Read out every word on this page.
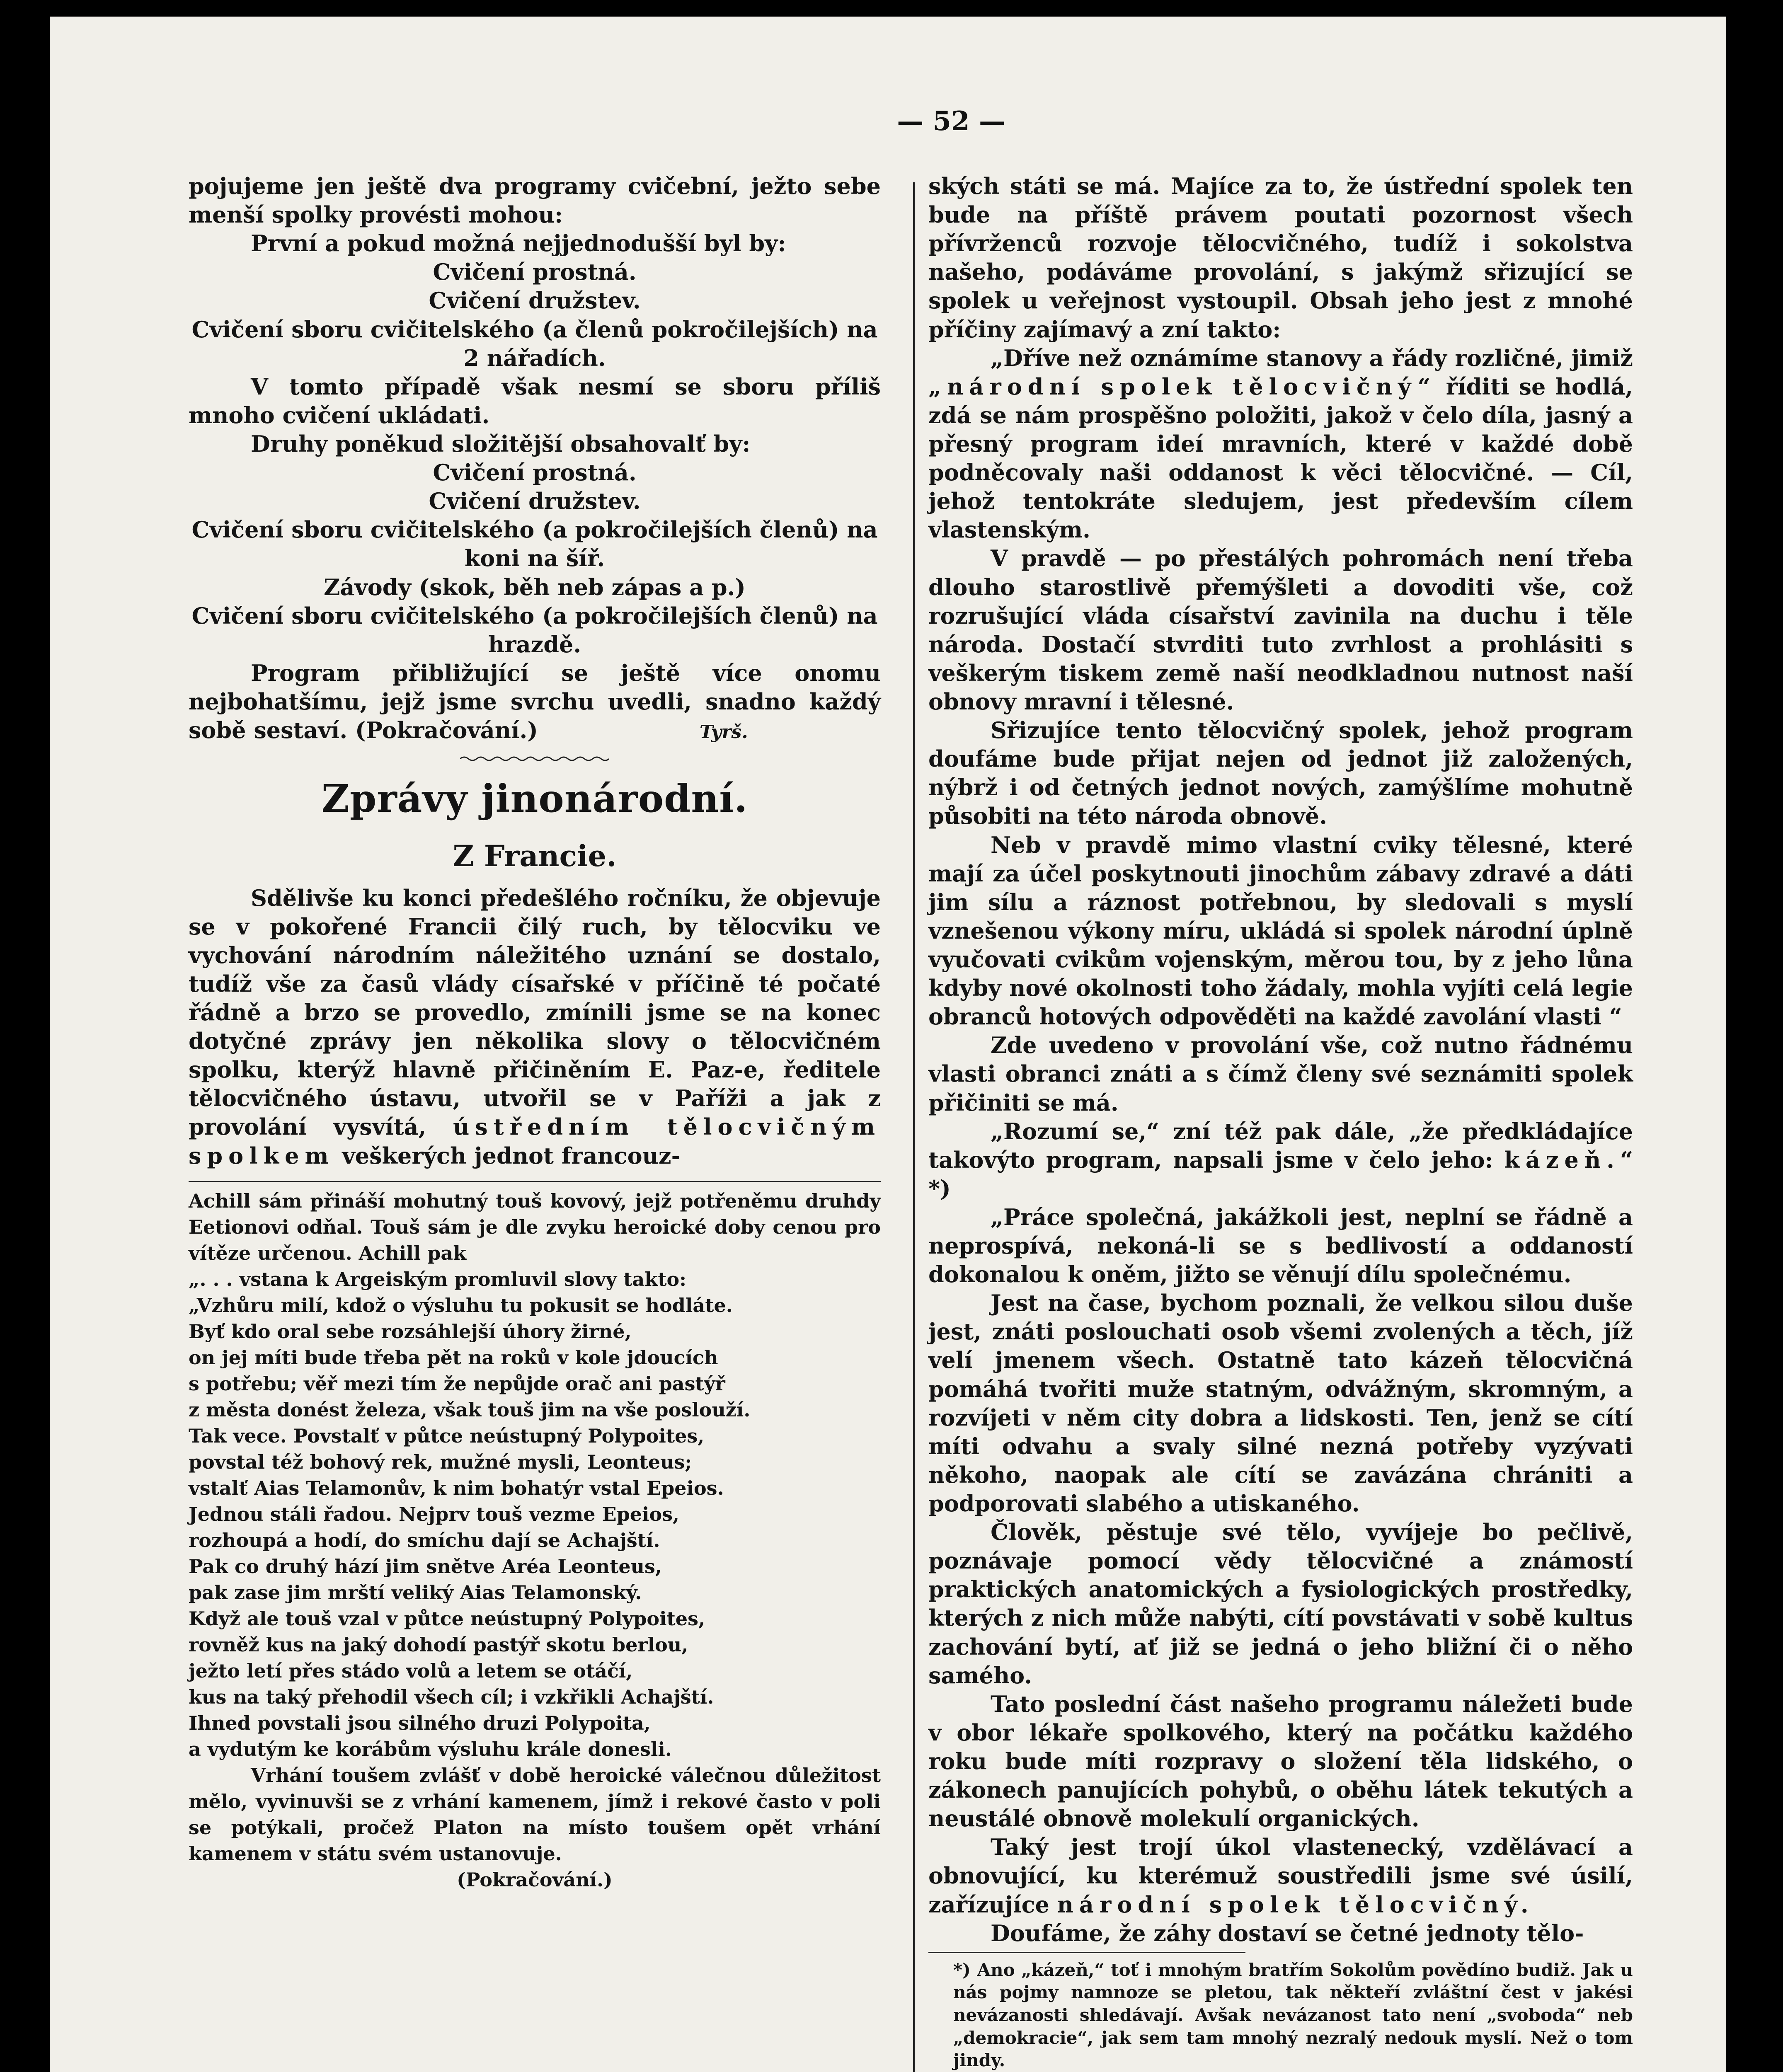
— 52 —

pojujeme jen ještě dva programy cvičební, ježto sebe menší spolky provésti mohou:

První a pokud možná nejjednodušší byl by:

Cvičení prostná.

Cvičení družstev.

Cvičení sboru cvičitelského (a členů pokročilejších) na 2 nářadích.

V tomto případě však nesmí se sboru příliš mnoho cvičení ukládati.

Druhy poněkud složitější obsahovalť by:

Cvičení prostná.

Cvičení družstev.

Cvičení sboru cvičitelského (a pokročilejších členů) na koni na šíř.

Závody (skok, běh neb zápas a p.)

Cvičení sboru cvičitelského (a pokročilejších členů) na hrazdě.

Program přibližující se ještě více onomu nejbohatšímu, jejž jsme svrchu uvedli, snadno každý sobě sestaví. (Pokračování.)	Tyrš.

Zprávy jinonárodní.
Z Francie.

Sdělivše ku konci předešlého ročníku, že objevuje se v pokořené Francii čilý ruch, by tělocviku ve vychování národním náležitého uznání se dostalo, tudíž vše za časů vlády císařské v příčině té počaté řádně a brzo se provedlo, zmínili jsme se na konec dotyčné zprávy jen několika slovy o tělocvičném spolku, kterýž hlavně přičiněním E. Paz-e, ředitele tělocvičného ústavu, utvořil se v Paříži a jak z provolání vysvítá, ústředním tělocvičným spolkem veškerých jednot francouz-

Achill sám přináší mohutný touš kovový, jejž potřeněmu druhdy Eetionovi odňal. Touš sám je dle zvyku heroické doby cenou pro vítěze určenou. Achill pak

„. . . vstana k Argeiským promluvil slovy takto:
„Vzhůru milí, kdož o výsluhu tu pokusit se hodláte.
Byť kdo oral sebe rozsáhlejší úhory žirné,
on jej míti bude třeba pět na roků v kole jdoucích
s potřebu; věř mezi tím že nepůjde orač ani pastýř
z města donést železa, však touš jim na vše poslouží.
Tak vece. Povstalť v půtce neústupný Polypoites,
povstal též bohový rek, mužné mysli, Leonteus;
vstalť Aias Telamonův, k nim bohatýr vstal Epeios.
Jednou stáli řadou. Nejprv touš vezme Epeios,
rozhoupá a hodí, do smíchu dají se Achajští.
Pak co druhý hází jim snětve Aréa Leonteus,
pak zase jim mrští veliký Aias Telamonský.
Když ale touš vzal v půtce neústupný Polypoites,
rovněž kus na jaký dohodí pastýř skotu berlou,
ježto letí přes stádo volů a letem se otáčí,
kus na taký přehodil všech cíl; i vzkřikli Achajští.
Ihned povstali jsou silného druzi Polypoita,
a vydutým ke korábům výsluhu krále donesli.

Vrhání toušem zvlášť v době heroické válečnou důležitost mělo, vyvinuvši se z vrhání kamenem, jímž i rekové často v poli se potýkali, pročež Platon na místo toušem opět vrhání kamenem v státu svém ustanovuje.

(Pokračování.)

ských státi se má. Majíce za to, že ústřední spolek ten bude na příště právem poutati pozornost všech přívrženců rozvoje tělocvičného, tudíž i sokolstva našeho, podáváme provolání, s jakýmž sřizující se spolek u veřejnost vystoupil. Obsah jeho jest z mnohé příčiny zajímavý a zní takto:

„Dříve než oznámíme stanovy a řády rozličné, jimiž „národní spolek tělocvičný“ říditi se hodlá, zdá se nám prospěšno položiti, jakož v čelo díla, jasný a přesný program ideí mravních, které v každé době podněcovaly naši oddanost k věci tělocvičné. — Cíl, jehož tentokráte sledujem, jest především cílem vlastenským.

V pravdě — po přestálých pohromách není třeba dlouho starostlivě přemýšleti a dovoditi vše, což rozrušující vláda císařství zavinila na duchu i těle národa. Dostačí stvrditi tuto zvrhlost a prohlásiti s veškerým tiskem země naší neodkladnou nutnost naší obnovy mravní i tělesné.

Sřizujíce tento tělocvičný spolek, jehož program doufáme bude přijat nejen od jednot již založených, nýbrž i od četných jednot nových, zamýšlíme mohutně působiti na této národa obnově.

Neb v pravdě mimo vlastní cviky tělesné, které mají za účel poskytnouti jinochům zábavy zdravé a dáti jim sílu a ráznost potřebnou, by sledovali s myslí vznešenou výkony míru, ukládá si spolek národní úplně vyučovati cvikům vojenským, měrou tou, by z jeho lůna kdyby nové okolnosti toho žádaly, mohla vyjíti celá legie obranců hotových odpověděti na každé zavolání vlasti “

Zde uvedeno v provolání vše, což nutno řádnému vlasti obranci znáti a s čímž členy své seznámiti spolek přičiniti se má.

„Rozumí se,“ zní též pak dále, „že předkládajíce takovýto program, napsali jsme v čelo jeho: kázeň.“ *)

„Práce společná, jakážkoli jest, neplní se řádně a neprospívá, nekoná-li se s bedlivostí a oddaností dokonalou k oněm, jižto se věnují dílu společnému.

Jest na čase, bychom poznali, že velkou silou duše jest, znáti poslouchati osob všemi zvolených a těch, jíž velí jmenem všech. Ostatně tato kázeň tělocvičná pomáhá tvořiti muže statným, odvážným, skromným, a rozvíjeti v něm city dobra a lidskosti. Ten, jenž se cítí míti odvahu a svaly silné nezná potřeby vyzývati někoho, naopak ale cítí se zavázána chrániti a podporovati slabého a utiskaného.

Člověk, pěstuje své tělo, vyvíjeje bo pečlivě, poznávaje pomocí vědy tělocvičné a známostí praktických anatomických a fysiologických prostředky, kterých z nich může nabýti, cítí povstávati v sobě kultus zachování bytí, ať již se jedná o jeho bližní či o něho samého.

Tato poslední část našeho programu náležeti bude v obor lékaře spolkového, který na počátku každého roku bude míti rozpravy o složení těla lidského, o zákonech panujících pohybů, o oběhu látek tekutých a neustálé obnově molekulí organických.

Taký jest trojí úkol vlastenecký, vzdělávací a obnovující, ku kterémuž soustředili jsme své úsilí, zařízujíce národní spolek tělocvičný.

Doufáme, že záhy dostaví se četné jednoty tělo-

*) Ano „kázeň,“ toť i mnohým bratřím Sokolům povědíno budiž. Jak u nás pojmy namnoze se pletou, tak někteří zvláštní čest v jakési nevázanosti shledávají. Avšak nevázanost tato není „svoboda“ neb „demokracie“, jak sem tam mnohý nezralý nedouk myslí. Než o tom jindy.
